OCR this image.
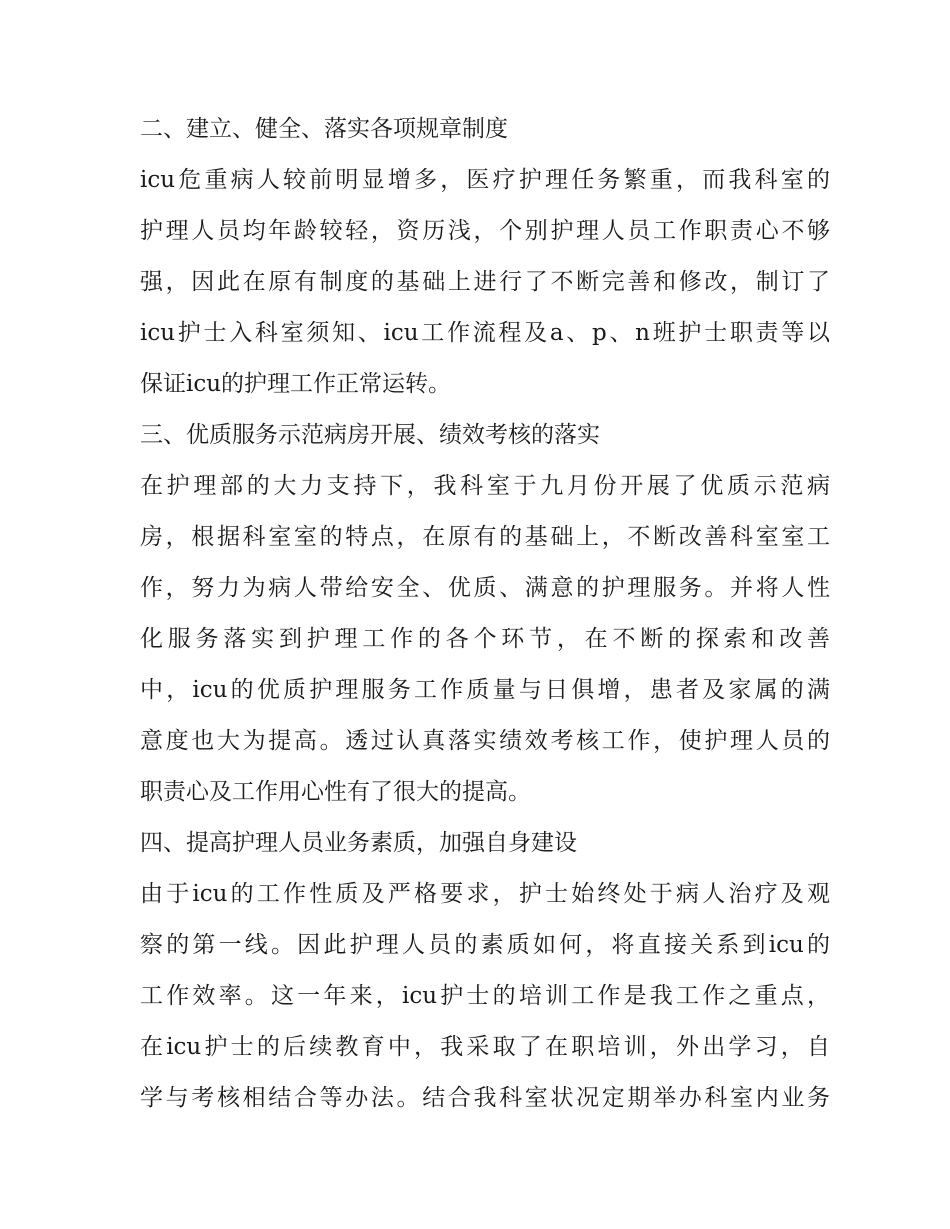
二、建立、健全、落实各项规章制度
icu危重病人较前明显增多，医疗护理任务繁重，而我科室的
护理人员均年龄较轻，资历浅，个别护理人员工作职责心不够
强，因此在原有制度的基础上进行了不断完善和修改，制订了
icu护士入科室须知、icu工作流程及a、p、n班护士职责等以
保证icu的护理工作正常运转。
三、优质服务示范病房开展、绩效考核的落实
在护理部的大力支持下，我科室于九月份开展了优质示范病
房，根据科室室的特点，在原有的基础上，不断改善科室室工
作，努力为病人带给安全、优质、满意的护理服务。并将人性
化服务落实到护理工作的各个环节，在不断的探索和改善
中，icu的优质护理服务工作质量与日俱增，患者及家属的满
意度也大为提高。透过认真落实绩效考核工作，使护理人员的
职责心及工作用心性有了很大的提高。
四、提高护理人员业务素质，加强自身建设
由于icu的工作性质及严格要求，护士始终处于病人治疗及观
察的第一线。因此护理人员的素质如何，将直接关系到icu的
工作效率。这一年来，icu护士的培训工作是我工作之重点，
在icu护士的后续教育中，我采取了在职培训，外出学习，自
学与考核相结合等办法。结合我科室状况定期举办科室内业务
